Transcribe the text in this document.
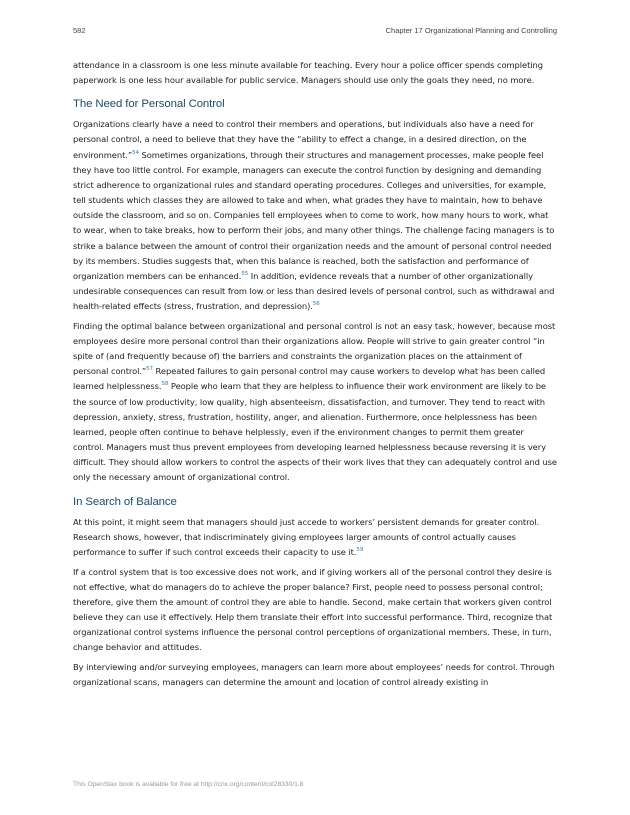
582	Chapter 17 Organizational Planning and Controlling

attendance in a classroom is one less minute available for teaching. Every hour a police officer spends completing paperwork is one less hour available for public service. Managers should use only the goals they need, no more.

The Need for Personal Control

Organizations clearly have a need to control their members and operations, but individuals also have a need for personal control, a need to believe that they have the “ability to effect a change, in a desired direction, on the environment.”$^{54}$ Sometimes organizations, through their structures and management processes, make people feel they have too little control. For example, managers can execute the control function by designing and demanding strict adherence to organizational rules and standard operating procedures. Colleges and universities, for example, tell students which classes they are allowed to take and when, what grades they have to maintain, how to behave outside the classroom, and so on. Companies tell employees when to come to work, how many hours to work, what to wear, when to take breaks, how to perform their jobs, and many other things. The challenge facing managers is to strike a balance between the amount of control their organization needs and the amount of personal control needed by its members. Studies suggests that, when this balance is reached, both the satisfaction and performance of organization members can be enhanced.$^{55}$ In addition, evidence reveals that a number of other organizationally undesirable consequences can result from low or less than desired levels of personal control, such as withdrawal and health-related effects (stress, frustration, and depression).$^{56}$

Finding the optimal balance between organizational and personal control is not an easy task, however, because most employees desire more personal control than their organizations allow. People will strive to gain greater control “in spite of (and frequently because of) the barriers and constraints the organization places on the attainment of personal control.”$^{57}$ Repeated failures to gain personal control may cause workers to develop what has been called learned helplessness.$^{58}$ People who learn that they are helpless to influence their work environment are likely to be the source of low productivity, low quality, high absenteeism, dissatisfaction, and turnover. They tend to react with depression, anxiety, stress, frustration, hostility, anger, and alienation. Furthermore, once helplessness has been learned, people often continue to behave helplessly, even if the environment changes to permit them greater control. Managers must thus prevent employees from developing learned helplessness because reversing it is very difficult. They should allow workers to control the aspects of their work lives that they can adequately control and use only the necessary amount of organizational control.

In Search of Balance

At this point, it might seem that managers should just accede to workers’ persistent demands for greater control. Research shows, however, that indiscriminately giving employees larger amounts of control actually causes performance to suffer if such control exceeds their capacity to use it.$^{59}$

If a control system that is too excessive does not work, and if giving workers all of the personal control they desire is not effective, what do managers do to achieve the proper balance? First, people need to possess personal control; therefore, give them the amount of control they are able to handle. Second, make certain that workers given control believe they can use it effectively. Help them translate their effort into successful performance. Third, recognize that organizational control systems influence the personal control perceptions of organizational members. These, in turn, change behavior and attitudes.

By interviewing and/or surveying employees, managers can learn more about employees’ needs for control. Through organizational scans, managers can determine the amount and location of control already existing in

This OpenStax book is available for free at http://cnx.org/content/col28330/1.8
